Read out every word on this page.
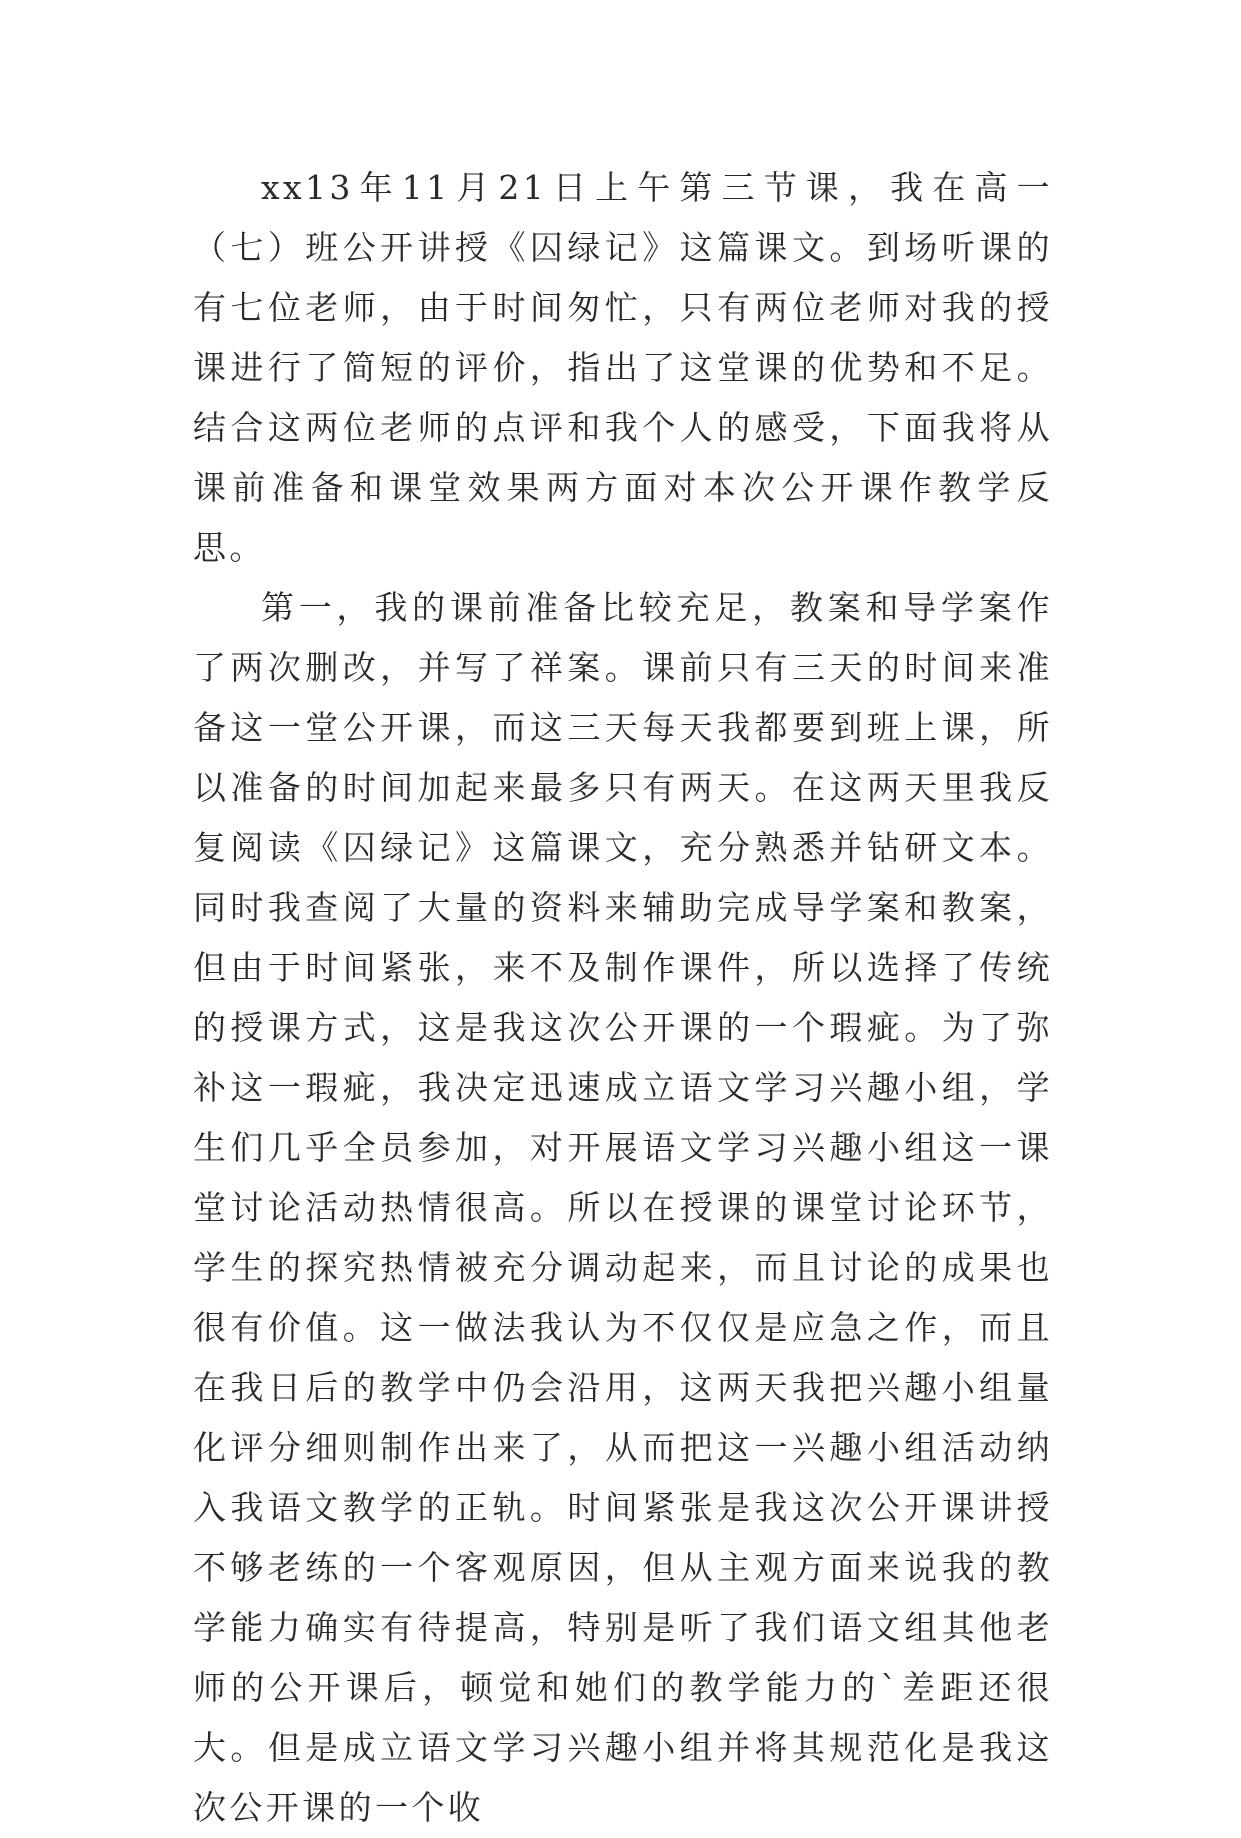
xx13年11月21日上午第三节课，我在高一（七）班公开讲授《囚绿记》这篇课文。到场听课的有七位老师，由于时间匆忙，只有两位老师对我的授课进行了简短的评价，指出了这堂课的优势和不足。结合这两位老师的点评和我个人的感受，下面我将从课前准备和课堂效果两方面对本次公开课作教学反思。

第一，我的课前准备比较充足，教案和导学案作了两次删改，并写了祥案。课前只有三天的时间来准备这一堂公开课，而这三天每天我都要到班上课，所以准备的时间加起来最多只有两天。在这两天里我反复阅读《囚绿记》这篇课文，充分熟悉并钻研文本。同时我查阅了大量的资料来辅助完成导学案和教案，但由于时间紧张，来不及制作课件，所以选择了传统的授课方式，这是我这次公开课的一个瑕疵。为了弥补这一瑕疵，我决定迅速成立语文学习兴趣小组，学生们几乎全员参加，对开展语文学习兴趣小组这一课堂讨论活动热情很高。所以在授课的课堂讨论环节，学生的探究热情被充分调动起来，而且讨论的成果也很有价值。这一做法我认为不仅仅是应急之作，而且在我日后的教学中仍会沿用，这两天我把兴趣小组量化评分细则制作出来了，从而把这一兴趣小组活动纳入我语文教学的正轨。时间紧张是我这次公开课讲授不够老练的一个客观原因，但从主观方面来说我的教学能力确实有待提高，特别是听了我们语文组其他老师的公开课后，顿觉和她们的教学能力的`差距还很大。但是成立语文学习兴趣小组并将其规范化是我这次公开课的一个收
